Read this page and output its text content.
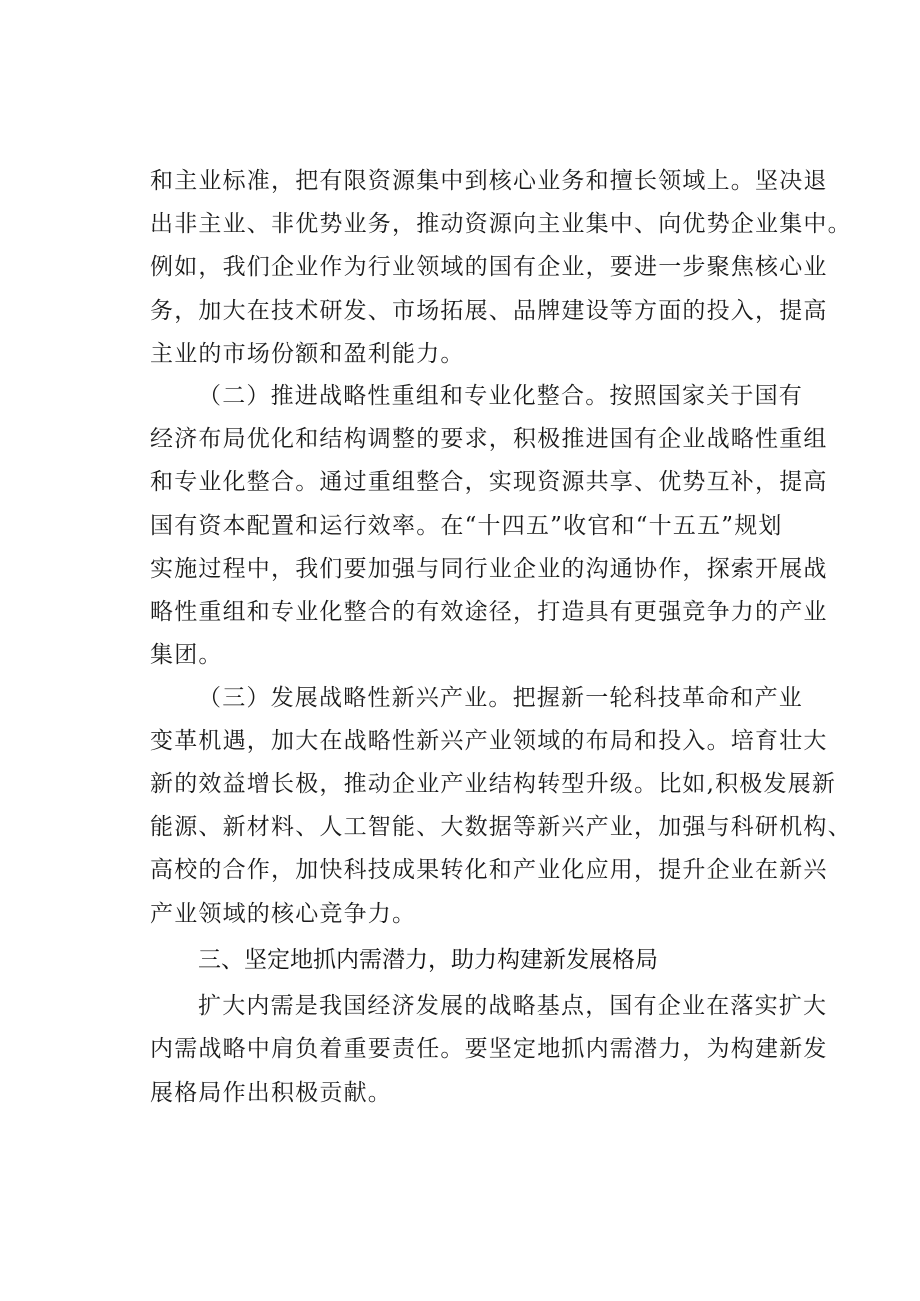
和主业标准，把有限资源集中到核心业务和擅长领域上。坚决退
出非主业、非优势业务，推动资源向主业集中、向优势企业集中。
例如，我们企业作为行业领域的国有企业，要进一步聚焦核心业
务，加大在技术研发、市场拓展、品牌建设等方面的投入，提高
主业的市场份额和盈利能力。
（二）推进战略性重组和专业化整合。按照国家关于国有
经济布局优化和结构调整的要求，积极推进国有企业战略性重组
和专业化整合。通过重组整合，实现资源共享、优势互补，提高
国有资本配置和运行效率。在“十四五”收官和“十五五”规划
实施过程中，我们要加强与同行业企业的沟通协作，探索开展战
略性重组和专业化整合的有效途径，打造具有更强竞争力的产业
集团。
（三）发展战略性新兴产业。把握新一轮科技革命和产业
变革机遇，加大在战略性新兴产业领域的布局和投入。培育壮大
新的效益增长极，推动企业产业结构转型升级。比如,积极发展新
能源、新材料、人工智能、大数据等新兴产业，加强与科研机构、
高校的合作，加快科技成果转化和产业化应用，提升企业在新兴
产业领域的核心竞争力。
三、坚定地抓内需潜力，助力构建新发展格局
扩大内需是我国经济发展的战略基点，国有企业在落实扩大
内需战略中肩负着重要责任。要坚定地抓内需潜力，为构建新发
展格局作出积极贡献。
